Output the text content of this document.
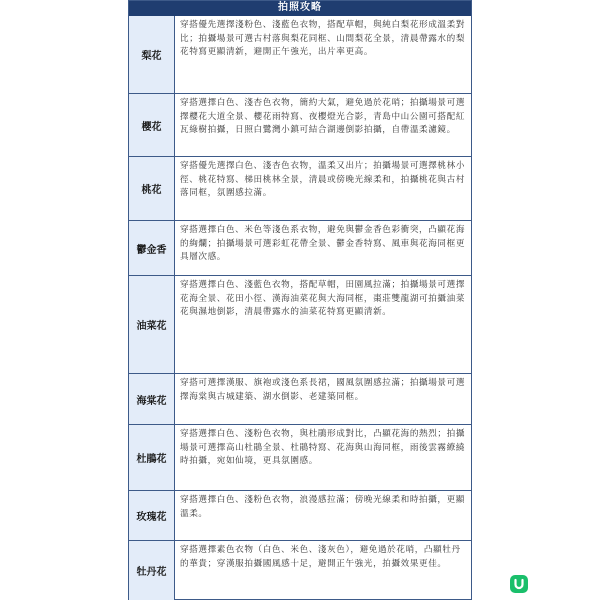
拍照攻略
梨花
穿搭優先選擇淺粉色、淺藍色衣物，搭配草帽，與純白梨花形成溫柔對比；拍攝場景可選古村落與梨花同框、山間梨花全景，清晨帶露水的梨花特寫更顯清新，避開正午強光，出片率更高。
櫻花
穿搭選擇白色、淺杏色衣物，簡約大氣，避免過於花哨；拍攝場景可選擇櫻花大道全景、櫻花雨特寫、夜櫻燈光合影，青島中山公園可搭配紅瓦綠樹拍攝，日照白鷺灣小鎮可結合湖邊倒影拍攝，自帶溫柔濾鏡。
桃花
穿搭優先選擇白色、淺杏色衣物，溫柔又出片；拍攝場景可選擇桃林小徑、桃花特寫、梯田桃林全景，清晨或傍晚光線柔和，拍攝桃花與古村落同框，氛圍感拉滿。
鬱金香
穿搭選擇白色、米色等淺色系衣物，避免與鬱金香色彩衝突，凸顯花海的絢爛；拍攝場景可選彩虹花帶全景、鬱金香特寫、風車與花海同框更具層次感。
油菜花
穿搭選擇白色、淺藍色衣物，搭配草帽，田園風拉滿；拍攝場景可選擇花海全景、花田小徑、漢海油菜花與大海同框，棗莊雙龍湖可拍攝油菜花與濕地倒影，清晨帶露水的油菜花特寫更顯清新。
海棠花
穿搭可選擇漢服、旗袍或淺色系長裙，國風氛圍感拉滿；拍攝場景可選擇海棠與古城建築、湖水倒影、老建築同框。
杜鵑花
穿搭選擇白色、淺粉色衣物，與杜鵑形成對比，凸顯花海的熱烈；拍攝場景可選擇高山杜鵑全景、杜鵑特寫、花海與山海同框，雨後雲霧繚繞時拍攝，宛如仙境，更具氛圍感。
玫瑰花
穿搭選擇白色、淺粉色衣物，浪漫感拉滿；傍晚光線柔和時拍攝，更顯溫柔。
牡丹花
穿搭選擇素色衣物（白色、米色、淺灰色），避免過於花哨，凸顯牡丹的華貴；穿漢服拍攝國風感十足，避開正午強光，拍攝效果更佳。
